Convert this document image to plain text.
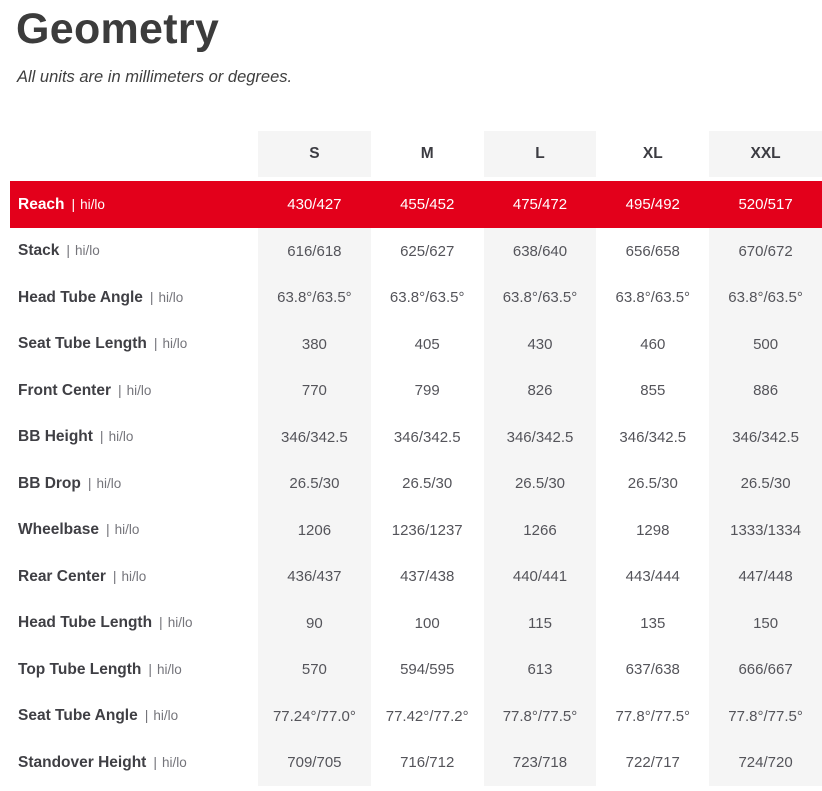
Geometry

All units are in millimeters or degrees.

S	M	L	XL	XXL
Reach | hi/lo	430/427	455/452	475/472	495/492	520/517
Stack | hi/lo	616/618	625/627	638/640	656/658	670/672
Head Tube Angle | hi/lo	63.8°/63.5°	63.8°/63.5°	63.8°/63.5°	63.8°/63.5°	63.8°/63.5°
Seat Tube Length | hi/lo	380	405	430	460	500
Front Center | hi/lo	770	799	826	855	886
BB Height | hi/lo	346/342.5	346/342.5	346/342.5	346/342.5	346/342.5
BB Drop | hi/lo	26.5/30	26.5/30	26.5/30	26.5/30	26.5/30
Wheelbase | hi/lo	1206	1236/1237	1266	1298	1333/1334
Rear Center | hi/lo	436/437	437/438	440/441	443/444	447/448
Head Tube Length | hi/lo	90	100	115	135	150
Top Tube Length | hi/lo	570	594/595	613	637/638	666/667
Seat Tube Angle | hi/lo	77.24°/77.0°	77.42°/77.2°	77.8°/77.5°	77.8°/77.5°	77.8°/77.5°
Standover Height | hi/lo	709/705	716/712	723/718	722/717	724/720
